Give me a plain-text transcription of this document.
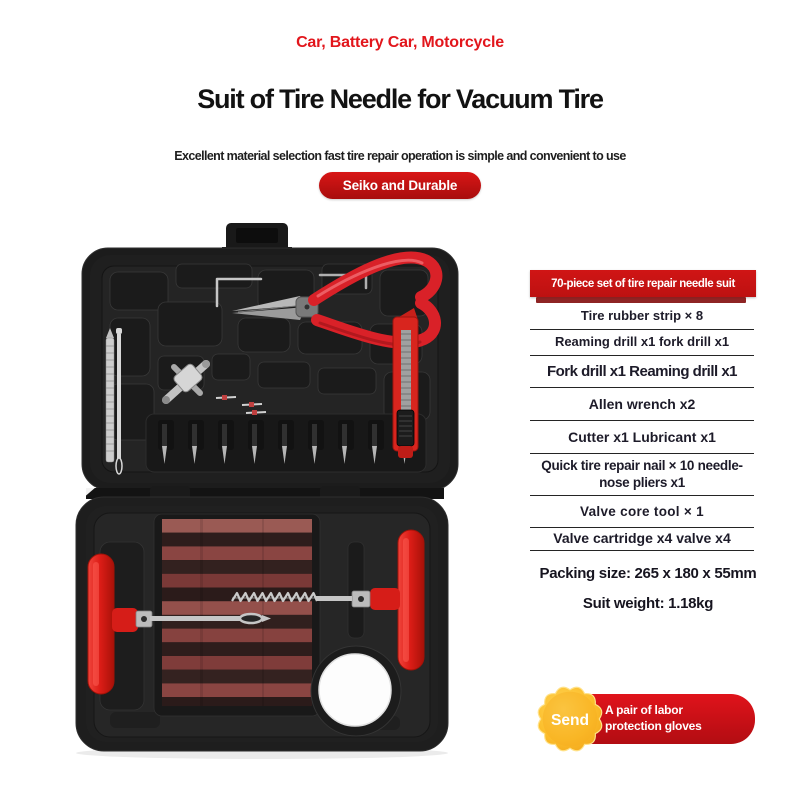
Car, Battery Car, Motorcycle
Suit of Tire Needle for Vacuum Tire
Excellent material selection fast tire repair operation is simple and convenient to use
Seiko and Durable
70-piece set of tire repair needle suit
Tire rubber strip × 8
Reaming drill x1 fork drill x1
Fork drill x1 Reaming drill x1
Allen wrench x2
Cutter x1 Lubricant x1
Quick tire repair nail × 10 needle-nose pliers x1
Valve core tool × 1
Valve cartridge x4 valve x4
Packing size: 265 x 180 x 55mm
Suit weight: 1.18kg
A pair of labor protection gloves
Send
